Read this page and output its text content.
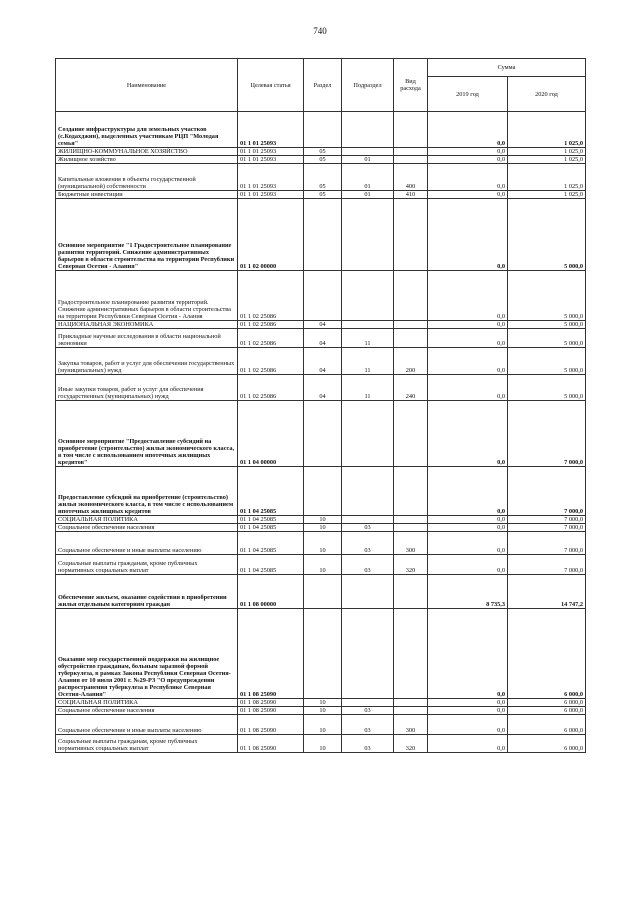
740
Наименование	Целевая статья	Раздел	Подраздел	Вид расхода	Сумма	
					2019 год	2020 год
Создание инфраструктуры для земельных участков (с.Кодахджин), выделенных участникам РЦП "Молодая семья"	01 1 01 25093				0,0	1 025,0
ЖИЛИЩНО-КОММУНАЛЬНОЕ ХОЗЯЙСТВО	01 1 01 25093	05			0,0	1 025,0
Жилищное хозяйство	01 1 01 25093	05	01		0,0	1 025,0
Капитальные вложения в объекты государственной (муниципальной) собственности	01 1 01 25093	05	01	400	0,0	1 025,0
Бюджетные инвестиции	01 1 01 25093	05	01	410	0,0	1 025,0
Основное мероприятие "1 Градостроительное планирование развития территорий. Снижение административных барьеров в области строительства на территории Республики Северная Осетия - Алания"	01 1 02 00000				0,0	5 000,0
Градостроительное планирование развития территорий. Снижение административных барьеров в области строительства на территории Республики Северная Осетия - Алания	01 1 02 25086				0,0	5 000,0
НАЦИОНАЛЬНАЯ ЭКОНОМИКА	01 1 02 25086	04			0,0	5 000,0
Прикладные научные исследования в области национальной экономики	01 1 02 25086	04	11		0,0	5 000,0
Закупка товаров, работ и услуг для обеспечения государственных (муниципальных) нужд	01 1 02 25086	04	11	200	0,0	5 000,0
Иные закупки товаров, работ и услуг для обеспечения государственных (муниципальных) нужд	01 1 02 25086	04	11	240	0,0	5 000,0
Основное мероприятие "Предоставление субсидий на приобретение (строительство) жилья экономического класса, в том числе с использованием ипотечных жилищных кредитов"	01 1 04 00000				0,0	7 000,0
Предоставление субсидий на приобретение (строительство) жилья экономического класса, в том числе с использованием ипотечных жилищных кредитов	01 1 04 25085				0,0	7 000,0
СОЦИАЛЬНАЯ ПОЛИТИКА	01 1 04 25085	10			0,0	7 000,0
Социальное обеспечение населения	01 1 04 25085	10	03		0,0	7 000,0
Социальное обеспечение и иные выплаты населению	01 1 04 25085	10	03	300	0,0	7 000,0
Социальные выплаты гражданам, кроме публичных нормативных социальных выплат	01 1 04 25085	10	03	320	0,0	7 000,0
Обеспечение жильем, оказание содействия в приобретении жилья отдельным категориям граждан	01 1 08 00000				8 735,3	14 747,2
Оказание мер государственной поддержки на жилищное обустройство гражданам, больным заразной формой туберкулеза, в рамках Закона Республики Северная Осетия-Алания от 10 июля 2001 г. №29-РЗ "О предупреждении распространения туберкулеза в Республике Северная Осетия-Алания"	01 1 08 25090				0,0	6 000,0
СОЦИАЛЬНАЯ ПОЛИТИКА	01 1 08 25090	10			0,0	6 000,0
Социальное обеспечение населения	01 1 08 25090	10	03		0,0	6 000,0
Социальное обеспечение и иные выплаты населению	01 1 08 25090	10	03	300	0,0	6 000,0
Социальные выплаты гражданам, кроме публичных нормативных социальных выплат	01 1 08 25090	10	03	320	0,0	6 000,0
